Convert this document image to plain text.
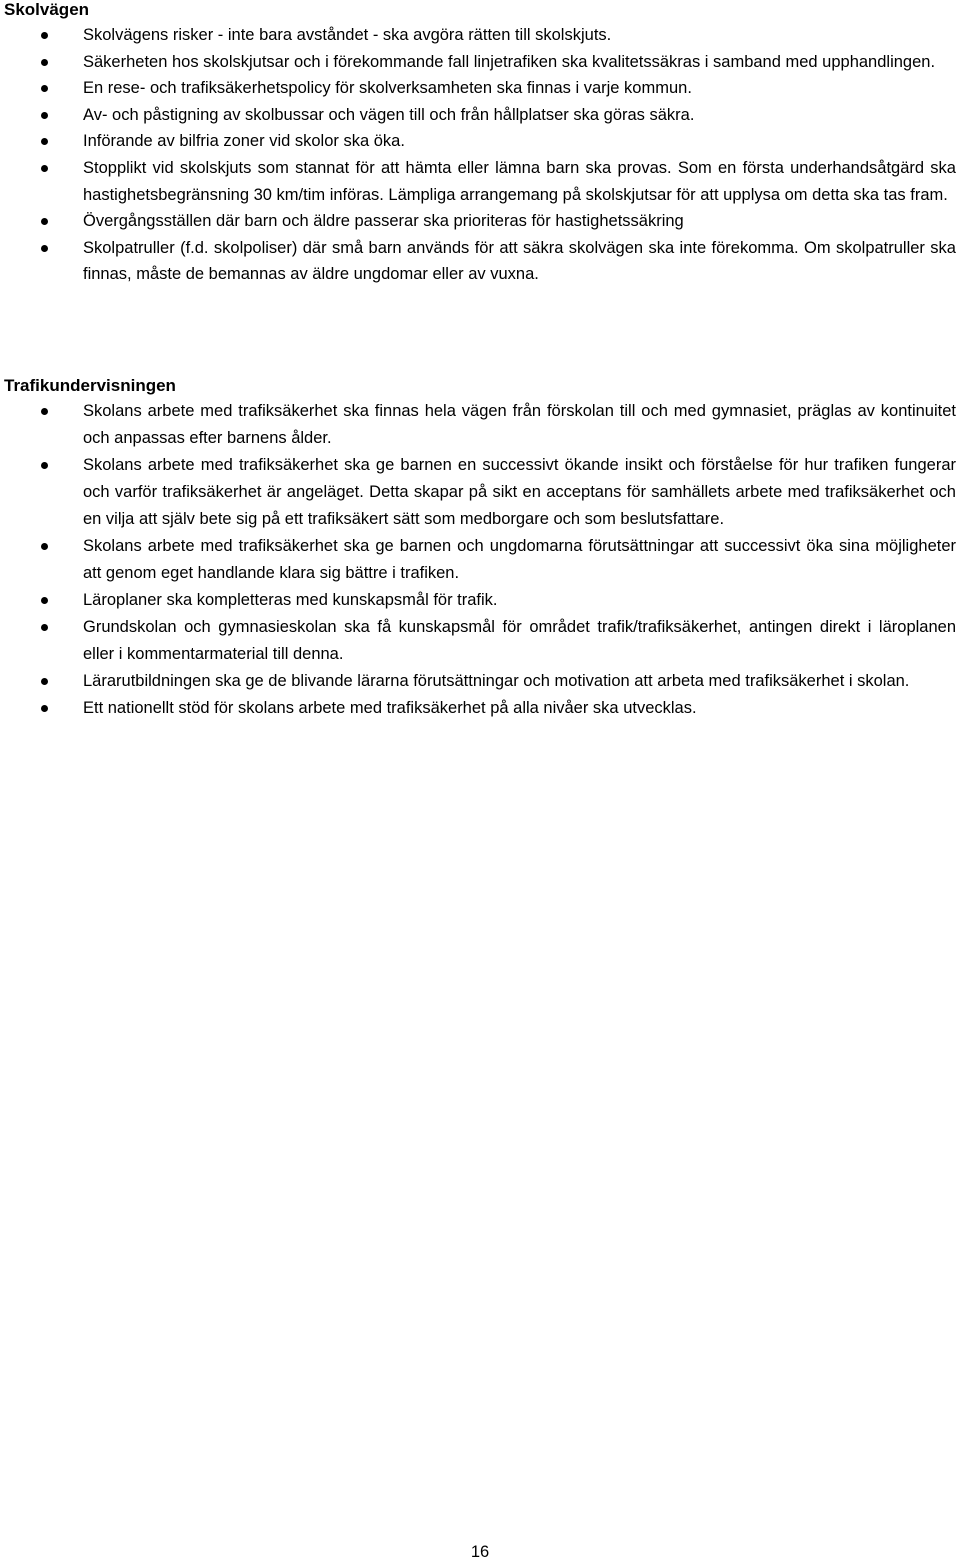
Skolvägen
Skolvägens risker - inte bara avståndet - ska avgöra rätten till skolskjuts.
Säkerheten hos skolskjutsar och i förekommande fall linjetrafiken ska kvalitetssäkras i samband med upphandlingen.
En rese- och trafiksäkerhetspolicy för skolverksamheten ska finnas i varje kommun.
Av- och påstigning av skolbussar och vägen till och från hållplatser ska göras säkra.
Införande av bilfria zoner vid skolor ska öka.
Stopplikt vid skolskjuts som stannat för att hämta eller lämna barn ska provas. Som en första underhandsåtgärd ska hastighetsbegränsning 30 km/tim införas. Lämpliga arrangemang på skolskjutsar för att upplysa om detta ska tas fram.
Övergångsställen där barn och äldre passerar ska prioriteras för hastighetssäkring
Skolpatruller (f.d. skolpoliser) där små barn används för att säkra skolvägen ska inte förekomma. Om skolpatruller ska finnas, måste de bemannas av äldre ungdomar eller av vuxna.
Trafikundervisningen
Skolans arbete med trafiksäkerhet ska finnas hela vägen från förskolan till och med gymnasiet, präglas av kontinuitet och anpassas efter barnens ålder.
Skolans arbete med trafiksäkerhet ska ge barnen en successivt ökande insikt och förståelse för hur trafiken fungerar och varför trafiksäkerhet är angeläget. Detta skapar på sikt en acceptans för samhällets arbete med trafiksäkerhet och en vilja att själv bete sig på ett trafiksäkert sätt som medborgare och som beslutsfattare.
Skolans arbete med trafiksäkerhet ska ge barnen och ungdomarna förutsättningar att successivt öka sina möjligheter att genom eget handlande klara sig bättre i trafiken.
Läroplaner ska kompletteras med kunskapsmål för trafik.
Grundskolan och gymnasieskolan ska få kunskapsmål för området trafik/trafiksäkerhet, antingen direkt i läroplanen eller i kommentarmaterial till denna.
Lärarutbildningen ska ge de blivande lärarna förutsättningar och motivation att arbeta med trafiksäkerhet i skolan.
Ett nationellt stöd för skolans arbete med trafiksäkerhet på alla nivåer ska utvecklas.
16
